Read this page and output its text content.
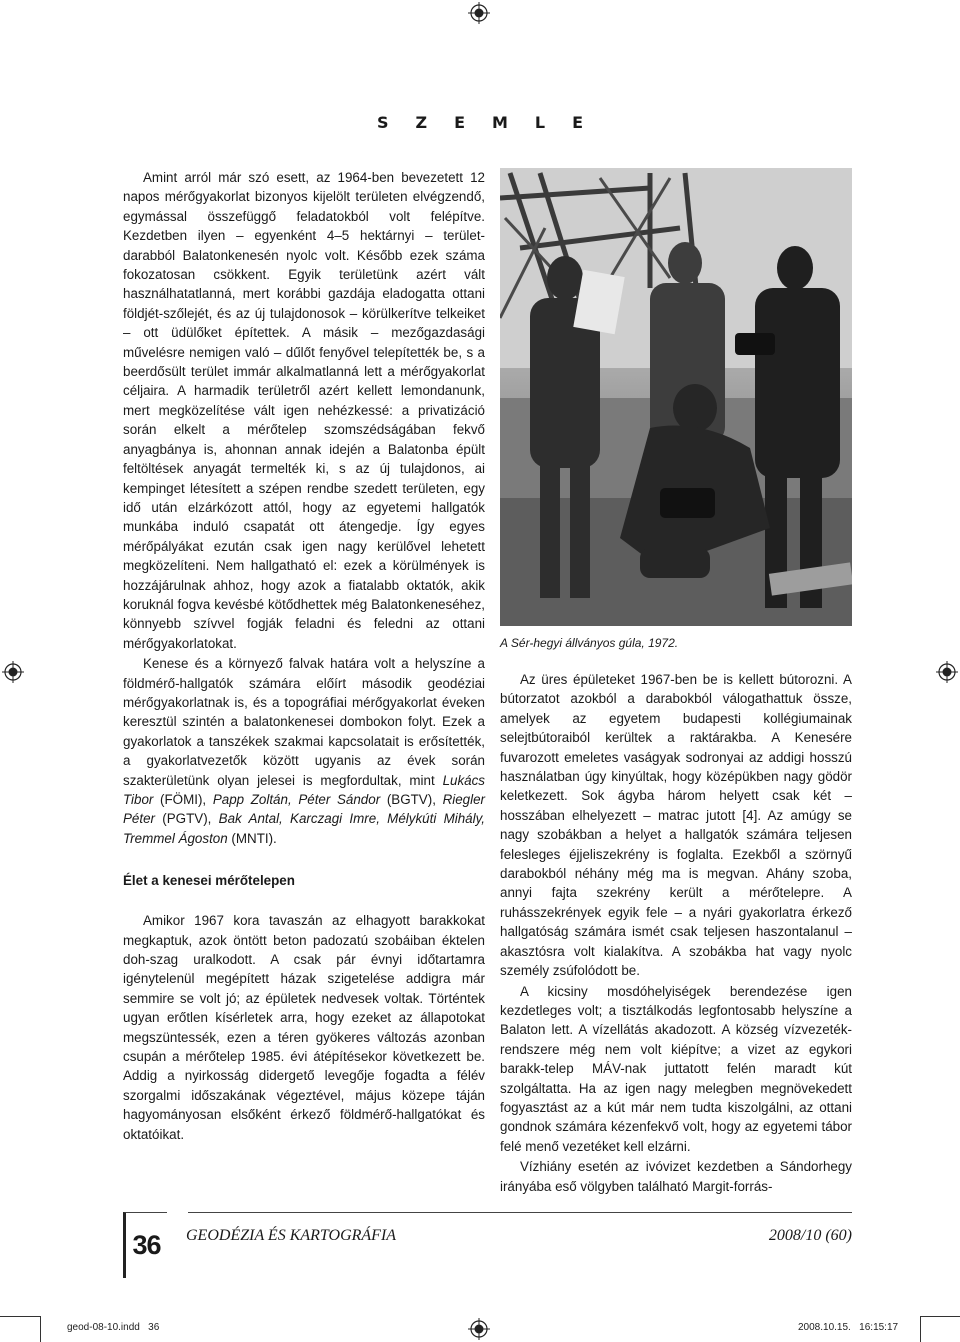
SZEMLE

Amint arról már szó esett, az 1964-ben bevezetett 12 napos mérőgyakorlat bizonyos kijelölt területen elvégzendő, egymással összefüggő feladatokból volt felépítve. Kezdetben ilyen – egyenként 4–5 hektárnyi – terület-darabból Balatonkenesén nyolc volt. Később ezek száma fokozatosan csökkent. Egyik területünk azért vált használhatatlanná, mert korábbi gazdája eladogatta ottani földjét-szőlejét, és az új tulajdonosok – körülkerítve telkeiket – ott üdülőket építettek. A másik – mezőgazdasági művelésre nemigen való – dűlőt fenyővel telepítették be, s a beerdősült terület immár alkalmatlanná lett a mérőgyakorlat céljaira. A harmadik területről azért kellett lemondanunk, mert megközelítése vált igen nehézkessé: a privatizáció során elkelt a mérőtelep szomszédságában fekvő anyagbánya is, ahonnan annak idején a Balatonba épült feltöltések anyagát termelték ki, s az új tulajdonos, ai kempinget létesített a szépen rendbe szedett területen, egy idő után elzárkózott attól, hogy az egyetemi hallgatók munkába induló csapatát ott átengedje. Így egyes mérőpályákat ezután csak igen nagy kerülővel lehetett megközelíteni. Nem hallgatható el: ezek a körülmények is hozzájárulnak ahhoz, hogy azok a fiatalabb oktatók, akik koruknál fogva kevésbé kötődhettek még Balatonkeneséhez, könnyebb szívvel fogják feladni és feledni az ottani mérőgyakorlatokat.

Kenese és a környező falvak határa volt a helyszíne a földmérő-hallgatók számára előírt második geodéziai mérőgyakorlatnak is, és a topográfiai mérőgyakorlat éveken keresztül szintén a balatonkenesei dombokon folyt. Ezek a gyakorlatok a tanszékek szakmai kapcsolatait is erősítették, a gyakorlatvezetők között ugyanis az évek során szakterületünk olyan jelesei is megfordultak, mint Lukács Tibor (FÖMI), Papp Zoltán, Péter Sándor (BGTV), Riegler Péter (PGTV), Bak Antal, Karczagi Imre, Mélykúti Mihály, Tremmel Ágoston (MNTI).

Élet a kenesei mérőtelepen

Amikor 1967 kora tavaszán az elhagyott barakkokat megkaptuk, azok öntött beton padozatú szobáiban éktelen doh-szag uralkodott. A csak pár évnyi időtartamra igénytelenül megépített házak szigetelése addigra már semmire se volt jó; az épületek nedvesek voltak. Történtek ugyan erőtlen kísérletek arra, hogy ezeket az állapotokat megszüntessék, ezen a téren gyökeres változás azonban csupán a mérőtelep 1985. évi átépítésekor következett be. Addig a nyirkosság didergető levegője fogadta a félév szorgalmi időszakának végeztével, május közepe táján hagyományosan elsőként érkező földmérő-hallgatókat és oktatóikat.

A Sér-hegyi állványos gúla, 1972.

Az üres épületeket 1967-ben be is kellett bútorozni. A bútorzatot azokból a darabokból válogathattuk össze, amelyek az egyetem budapesti kollégiumainak selejtbútoraiból kerültek a raktárakba. A Kenesére fuvarozott emeletes vaságyak sodronyai az addigi hosszú használatban úgy kinyúltak, hogy középükben nagy gödör keletkezett. Sok ágyba három helyett csak két – hosszában elhelyezett – matrac jutott [4]. Az amúgy se nagy szobákban a helyet a hallgatók számára teljesen felesleges éjjeliszekrény is foglalta. Ezekből a szörnyű darabokból néhány még ma is megvan. Ahány szoba, annyi fajta szekrény került a mérőtelepre. A ruhásszekrények egyik fele – a nyári gyakorlatra érkező hallgatóság számára ismét csak teljesen haszontalanul – akasztósra volt kialakítva. A szobákba hat vagy nyolc személy zsúfolódott be.

A kicsiny mosdóhelyiségek berendezése igen kezdetleges volt; a tisztálkodás legfontosabb helyszíne a Balaton lett. A vízellátás akadozott. A község vízvezeték-rendszere még nem volt kiépítve; a vizet az egykori barakk-telep MÁV-nak juttatott felén maradt kút szolgáltatta. Ha az igen nagy melegben megnövekedett fogyasztást az a kút már nem tudta kiszolgálni, az ottani gondnok számára kézenfekvő volt, hogy az egyetemi tábor felé menő vezetéket kell elzárni.

Vízhiány esetén az ivóvizet kezdetben a Sándorhegy irányába eső völgyben található Margit-forrás-

36	GEODÉZIA ÉS KARTOGRÁFIA	2008/10 (60)
geod-08-10.indd   36	2008.10.15.   16:15:17
